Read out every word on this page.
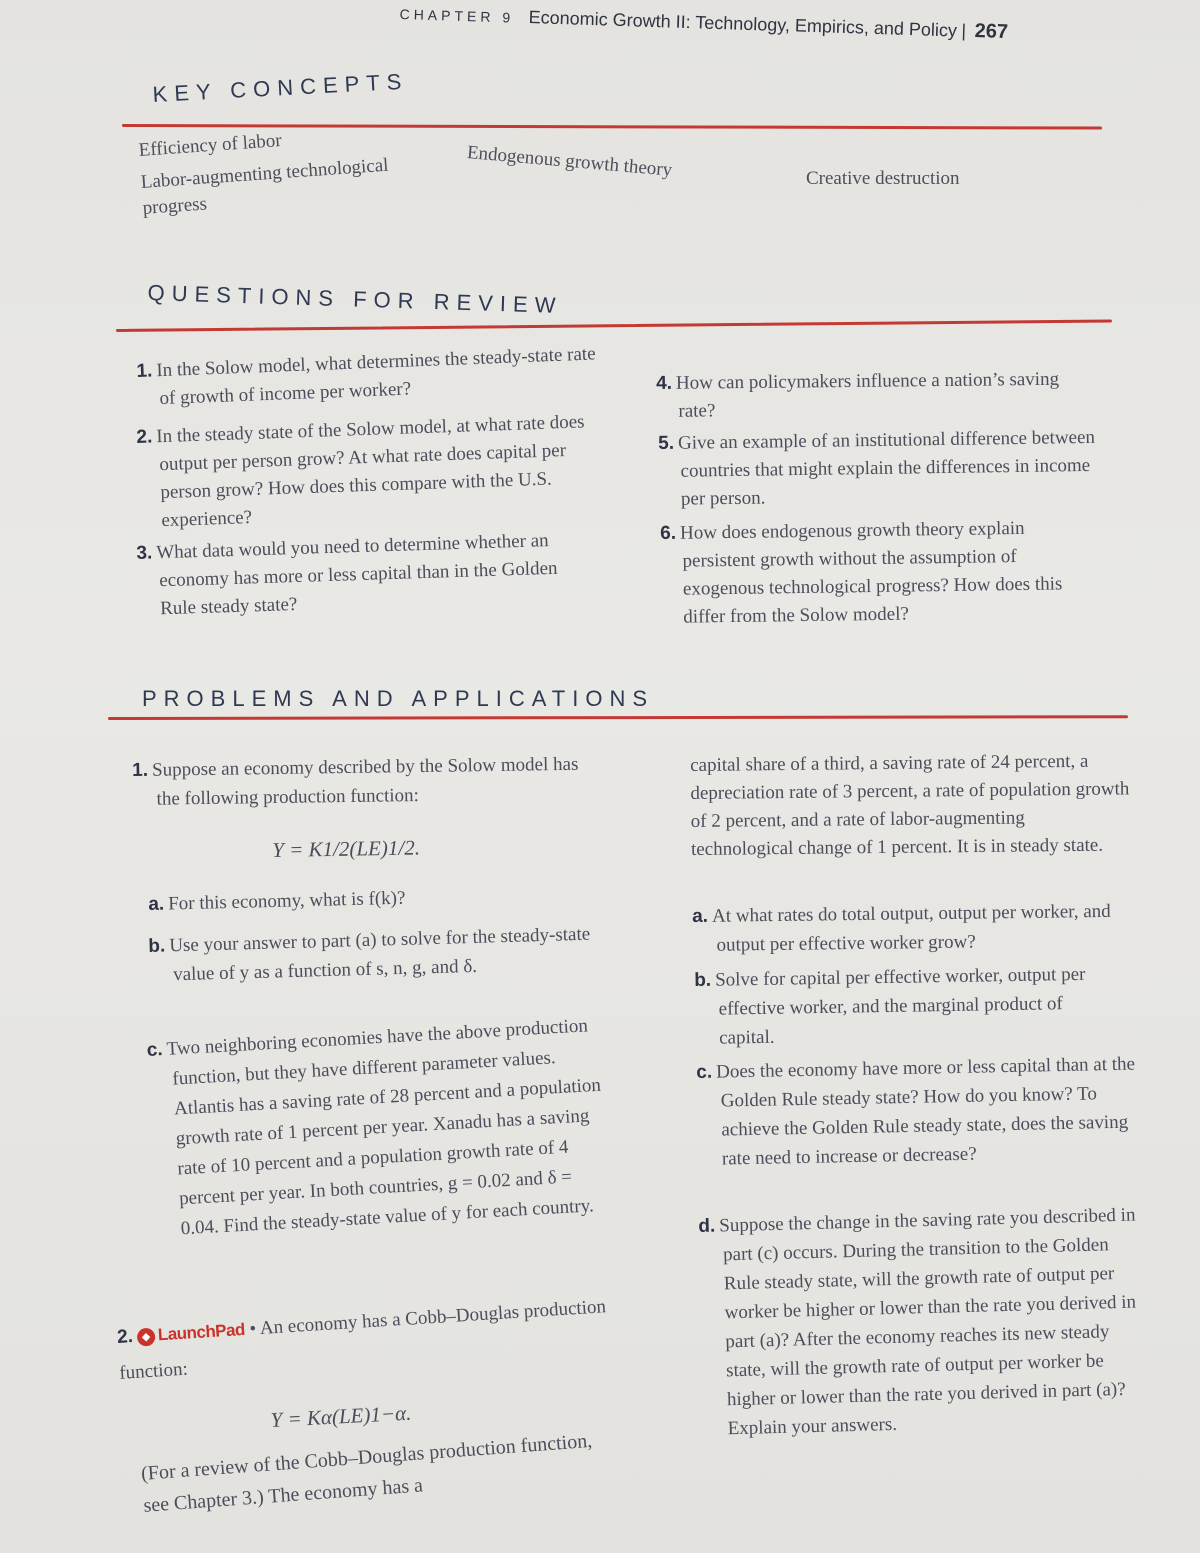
CHAPTER 9 Economic Growth II: Technology, Empirics, and Policy | 267
KEY CONCEPTS
Efficiency of labor
Labor-augmenting technological progress
Endogenous growth theory	Creative destruction
QUESTIONS FOR REVIEW
1. In the Solow model, what determines the steady-state rate of growth of income per worker?
2. In the steady state of the Solow model, at what rate does output per person grow? At what rate does capital per person grow? How does this compare with the U.S. experience?
3. What data would you need to determine whether an economy has more or less capital than in the Golden Rule steady state?
4. How can policymakers influence a nation’s saving rate?
5. Give an example of an institutional difference between countries that might explain the differences in income per person.
6. How does endogenous growth theory explain persistent growth without the assumption of exogenous technological progress? How does this differ from the Solow model?
PROBLEMS AND APPLICATIONS
1. Suppose an economy described by the Solow model has the following production function:
Y = K1/2(LE)1/2.
a. For this economy, what is f(k)?
b. Use your answer to part (a) to solve for the steady-state value of y as a function of s, n, g, and δ.
c. Two neighboring economies have the above production function, but they have different parameter values. Atlantis has a saving rate of 28 percent and a population growth rate of 1 percent per year. Xanadu has a saving rate of 10 percent and a population growth rate of 4 percent per year. In both countries, g = 0.02 and δ = 0.04. Find the steady-state value of y for each country.
2. ◆ LaunchPad • An economy has a Cobb–Douglas production function:
Y = Kα(LE)1−α.
(For a review of the Cobb–Douglas production function, see Chapter 3.) The economy has a
capital share of a third, a saving rate of 24 percent, a depreciation rate of 3 percent, a rate of population growth of 2 percent, and a rate of labor-augmenting technological change of 1 percent. It is in steady state.
a. At what rates do total output, output per worker, and output per effective worker grow?
b. Solve for capital per effective worker, output per effective worker, and the marginal product of capital.
c. Does the economy have more or less capital than at the Golden Rule steady state? How do you know? To achieve the Golden Rule steady state, does the saving rate need to increase or decrease?
d. Suppose the change in the saving rate you described in part (c) occurs. During the transition to the Golden Rule steady state, will the growth rate of output per worker be higher or lower than the rate you derived in part (a)? After the economy reaches its new steady state, will the growth rate of output per worker be higher or lower than the rate you derived in part (a)? Explain your answers.
